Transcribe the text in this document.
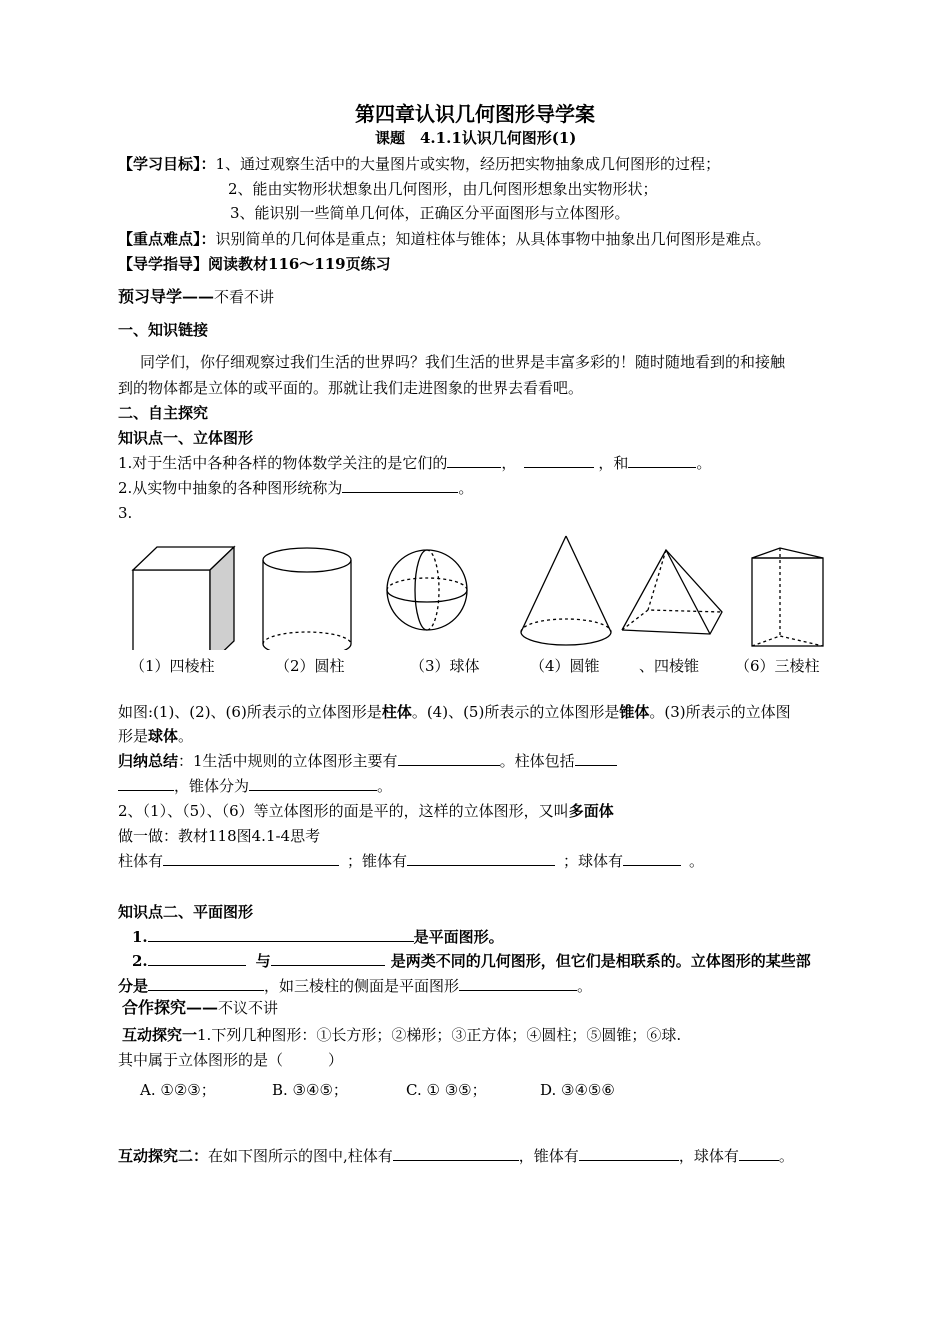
第四章认识几何图形导学案
课题　4.1.1认识几何图形(1)
【学习目标】：1、通过观察生活中的大量图片或实物，经历把实物抽象成几何图形的过程；
2、能由实物形状想象出几何图形，由几何图形想象出实物形状；
3、能识别一些简单几何体，正确区分平面图形与立体图形。
【重点难点】：识别简单的几何体是重点；知道柱体与锥体；从具体事物中抽象出几何图形是难点。
【导学指导】阅读教材116～119页练习
预习导学——不看不讲
一、知识链接
同学们，你仔细观察过我们生活的世界吗？我们生活的世界是丰富多彩的！随时随地看到的和接触
到的物体都是立体的或平面的。那就让我们走进图象的世界去看看吧。
二、自主探究
知识点一、立体图形
1.对于生活中各种各样的物体数学关注的是它们的	，	，和	。
2.从实物中抽象的各种图形统称为	。
3.
（1）四棱柱	（2）圆柱	（3）球体	（4）圆锥	、四棱锥 （6）三棱柱
如图:(1)、(2)、(6)所表示的立体图形是柱体。(4)、(5)所表示的立体图形是锥体。(3)所表示的立体图
形是球体。
归纳总结：1生活中规则的立体图形主要有	。柱体包括
，锥体分为	。
2、（1）、（5）、（6）等立体图形的面是平的，这样的立体图形，又叫多面体
做一做：教材118图4.1-4思考
柱体有	；锥体有	；球体有	。
知识点二、平面图形
1.	是平面图形。
2.	与	是两类不同的几何图形，但它们是相联系的。立体图形的某些部
分是	，如三棱柱的侧面是平面图形	。
合作探究——不议不讲
互动探究一1.下列几种图形：①长方形；②梯形；③正方体；④圆柱；⑤圆锥；⑥球.
其中属于立体图形的是（　　　）
A. ①②③；	B. ③④⑤；	C. ① ③⑤；	D. ③④⑤⑥
互动探究二：在如下图所示的图中,柱体有	，锥体有	，球体有	。
